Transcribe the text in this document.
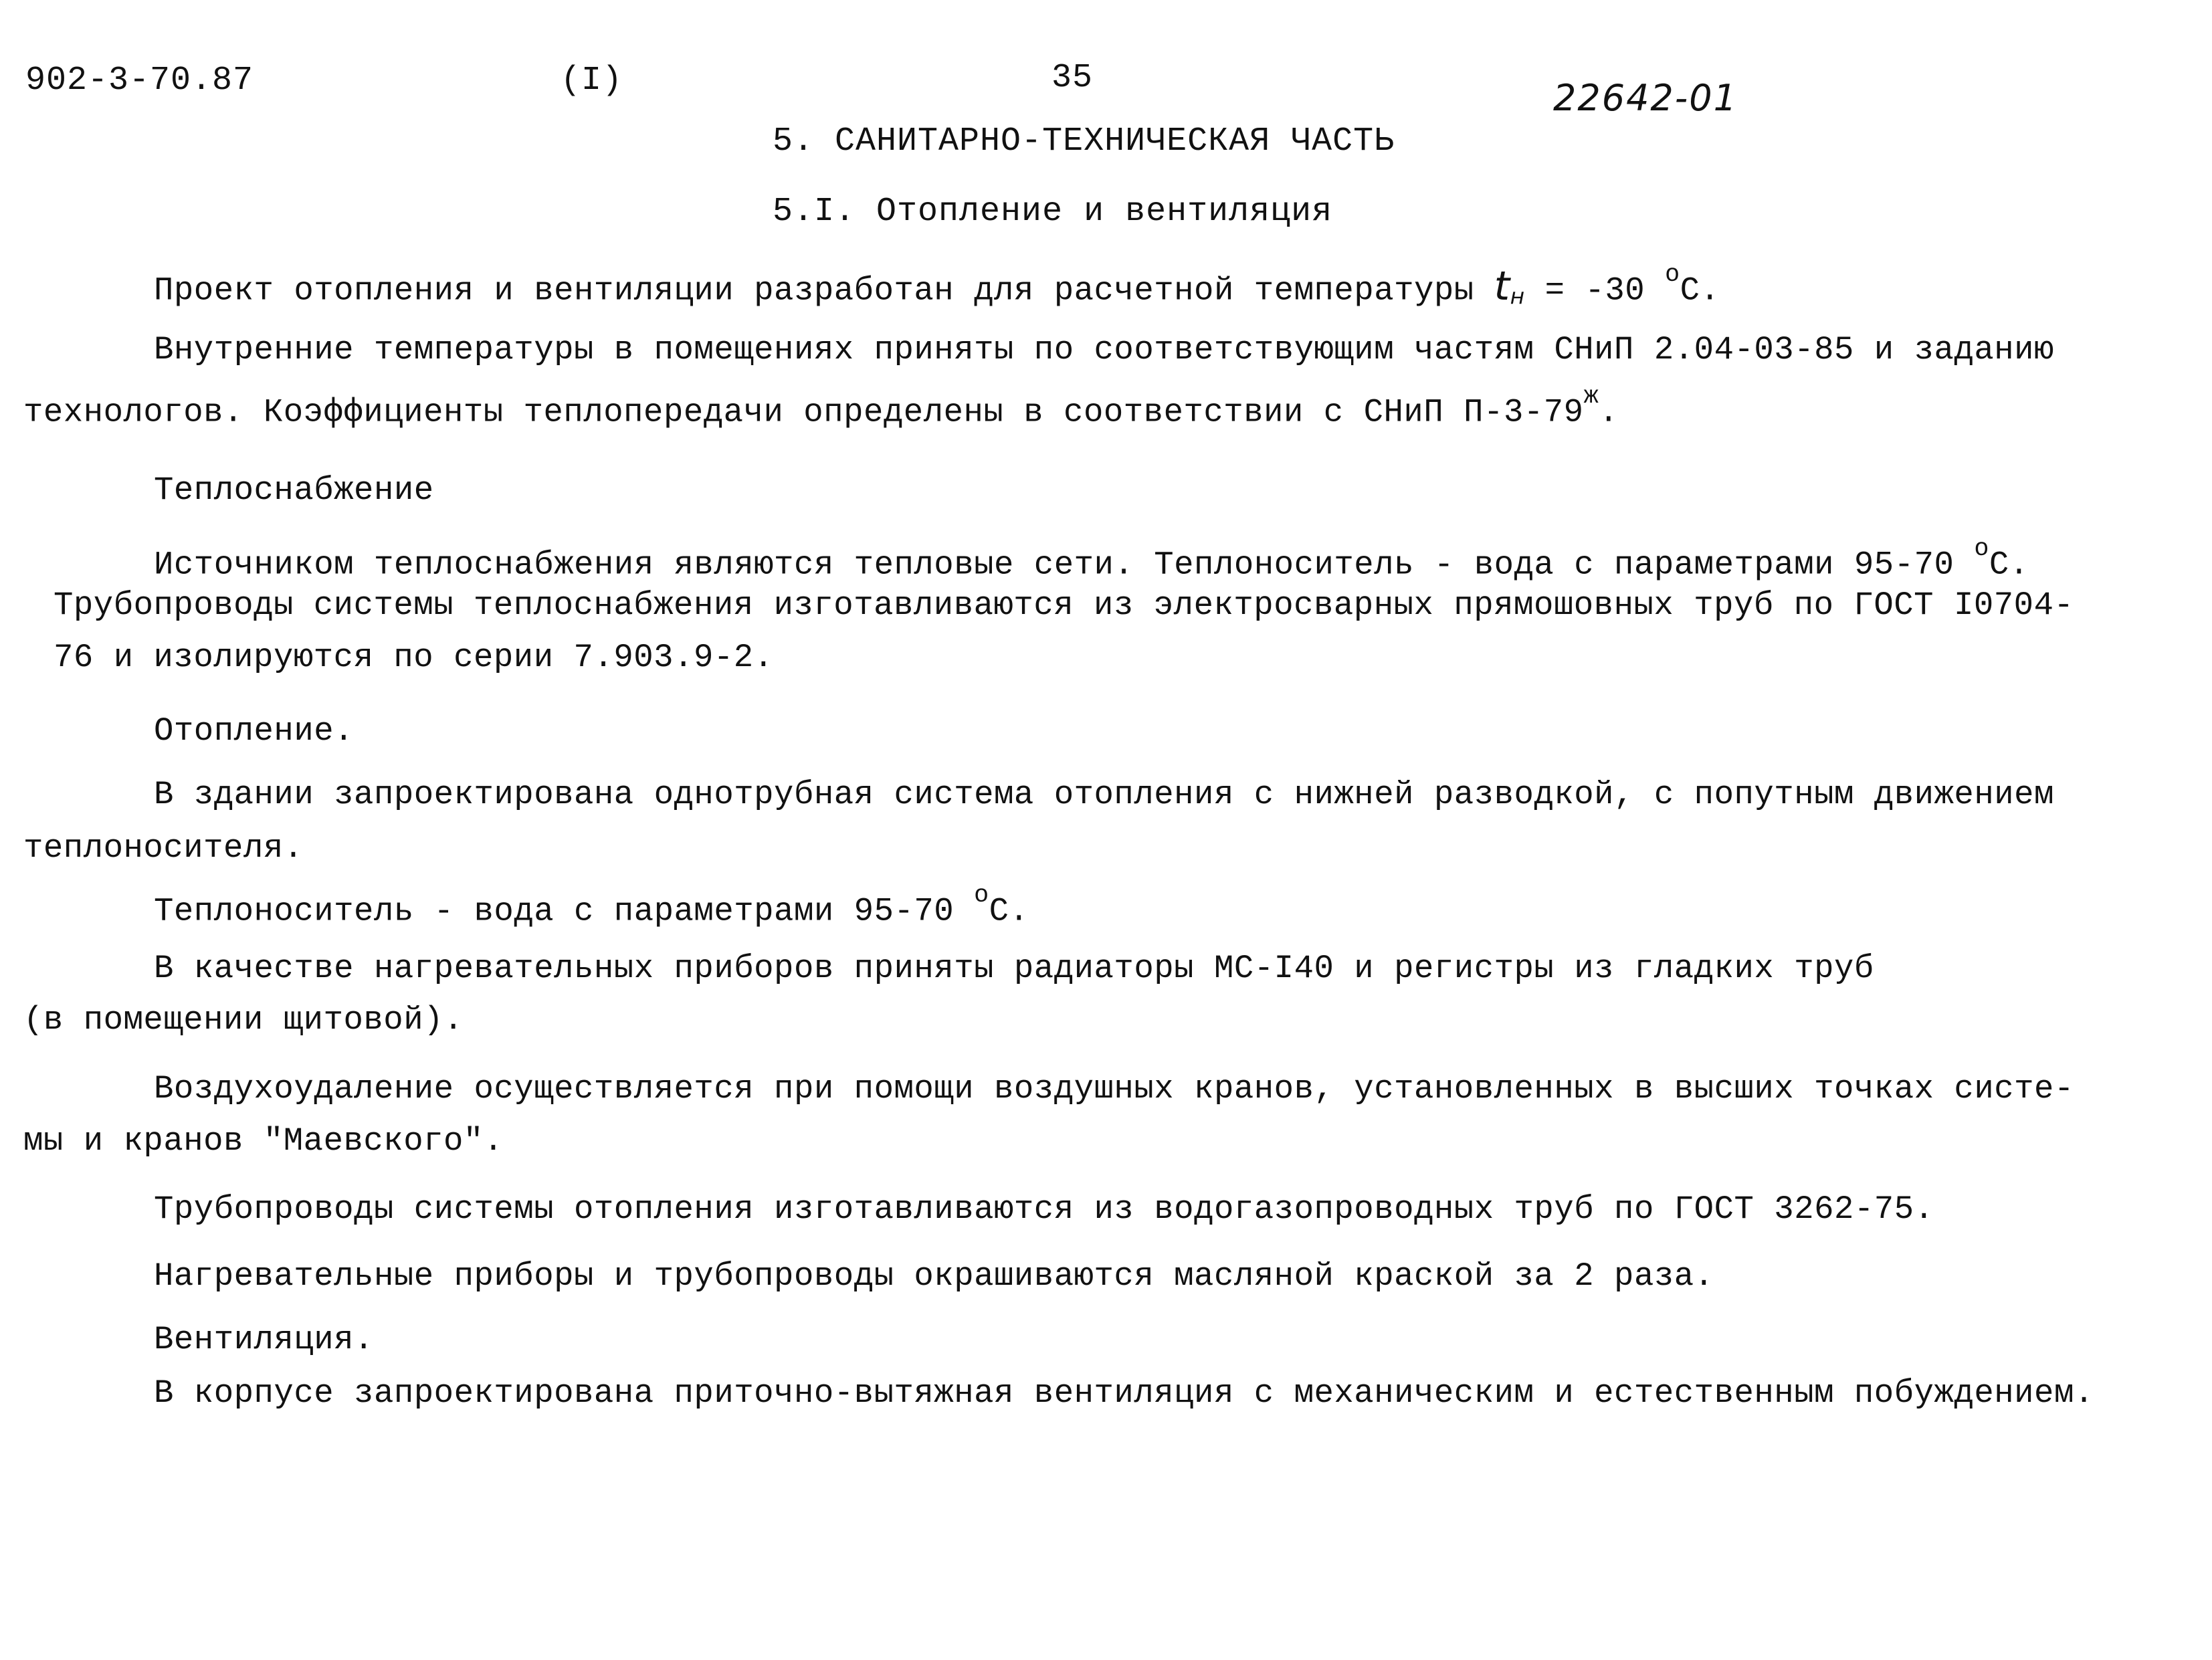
902-3-70.87	(I)	35	22642-01
5. САНИТАРНО-ТЕХНИЧЕСКАЯ ЧАСТЬ
5.I. Отопление и вентиляция
Проект отопления и вентиляции разработан для расчетной температуры tн = -30 $^o$C.
Внутренние температуры в помещениях приняты по соответствующим частям СНиП 2.04-03-85 и заданию
технологов. Коэффициенты теплопередачи определены в соответствии с СНиП $П-3-79^ж$.
Теплоснабжение
Источником теплоснабжения являются тепловые сети. Теплоноситель - вода с параметрами 95-70 $^o$C.
Трубопроводы системы теплоснабжения изготавливаются из электросварных прямошовных труб по ГОСТ I0704-
76 и изолируются по серии 7.903.9-2.
Отопление.
В здании запроектирована однотрубная система отопления с нижней разводкой, с попутным движением
теплоносителя.
Теплоноситель - вода с параметрами 95-70 $^o$C.
В качестве нагревательных приборов приняты радиаторы МС-I40 и регистры из гладких труб
(в помещении щитовой).
Воздухоудаление осуществляется при помощи воздушных кранов, установленных в высших точках систе-
мы и кранов "Маевского".
Трубопроводы системы отопления изготавливаются из водогазопроводных труб по ГОСТ 3262-75.
Нагревательные приборы и трубопроводы окрашиваются масляной краской за 2 раза.
Вентиляция.
В корпусе запроектирована приточно-вытяжная вентиляция с механическим и естественным побуждением.
